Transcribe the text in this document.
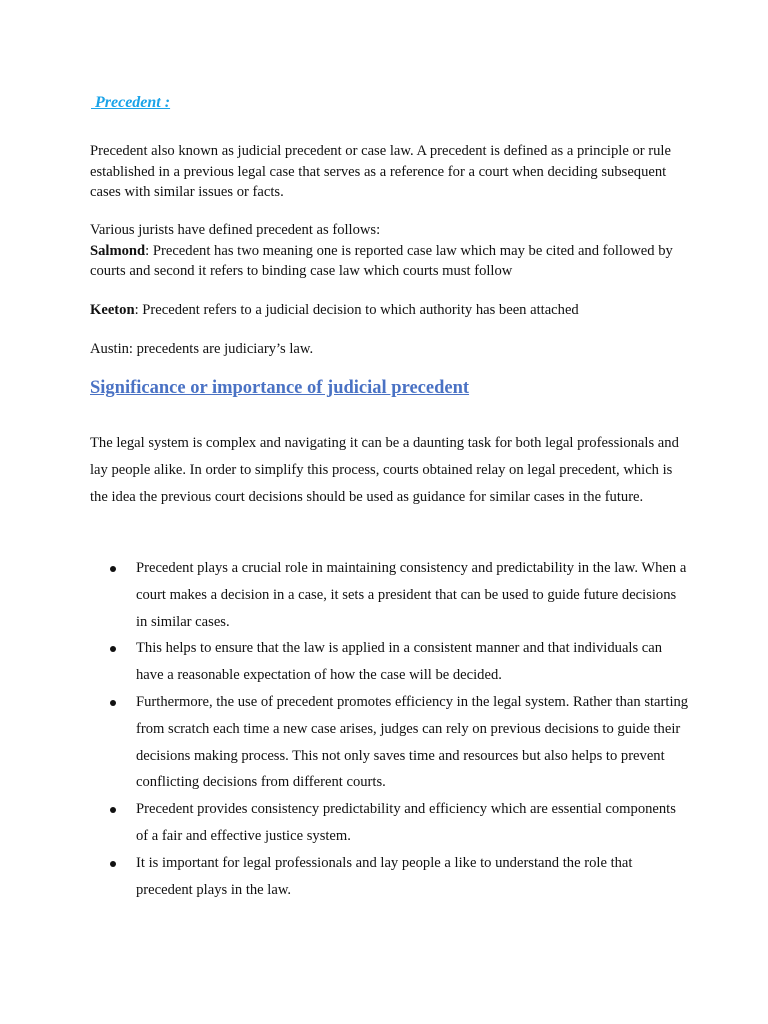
Precedent :

Precedent also known as judicial precedent or case law. A precedent is defined as a principle or rule established in a previous legal case that serves as a reference for a court when deciding subsequent cases with similar issues or facts.

Various jurists have defined precedent as follows:
Salmond: Precedent has two meaning one is reported case law which may be cited and followed by courts and second it refers to binding case law which courts must follow

Keeton: Precedent refers to a judicial decision to which authority has been attached

Austin: precedents are judiciary’s law.

Significance or importance of judicial precedent

The legal system is complex and navigating it can be a daunting task for both legal professionals and lay people alike. In order to simplify this process, courts obtained relay on legal precedent, which is the idea the previous court decisions should be used as guidance for similar cases in the future.

Precedent plays a crucial role in maintaining consistency and predictability in the law. When a court makes a decision in a case, it sets a president that can be used to guide future decisions in similar cases.
This helps to ensure that the law is applied in a consistent manner and that individuals can have a reasonable expectation of how the case will be decided.
Furthermore, the use of precedent promotes efficiency in the legal system. Rather than starting from scratch each time a new case arises, judges can rely on previous decisions to guide their decisions making process. This not only saves time and resources but also helps to prevent conflicting decisions from different courts.
Precedent provides consistency predictability and efficiency which are essential components of a fair and effective justice system.
It is important for legal professionals and lay people a like to understand the role that precedent plays in the law.
